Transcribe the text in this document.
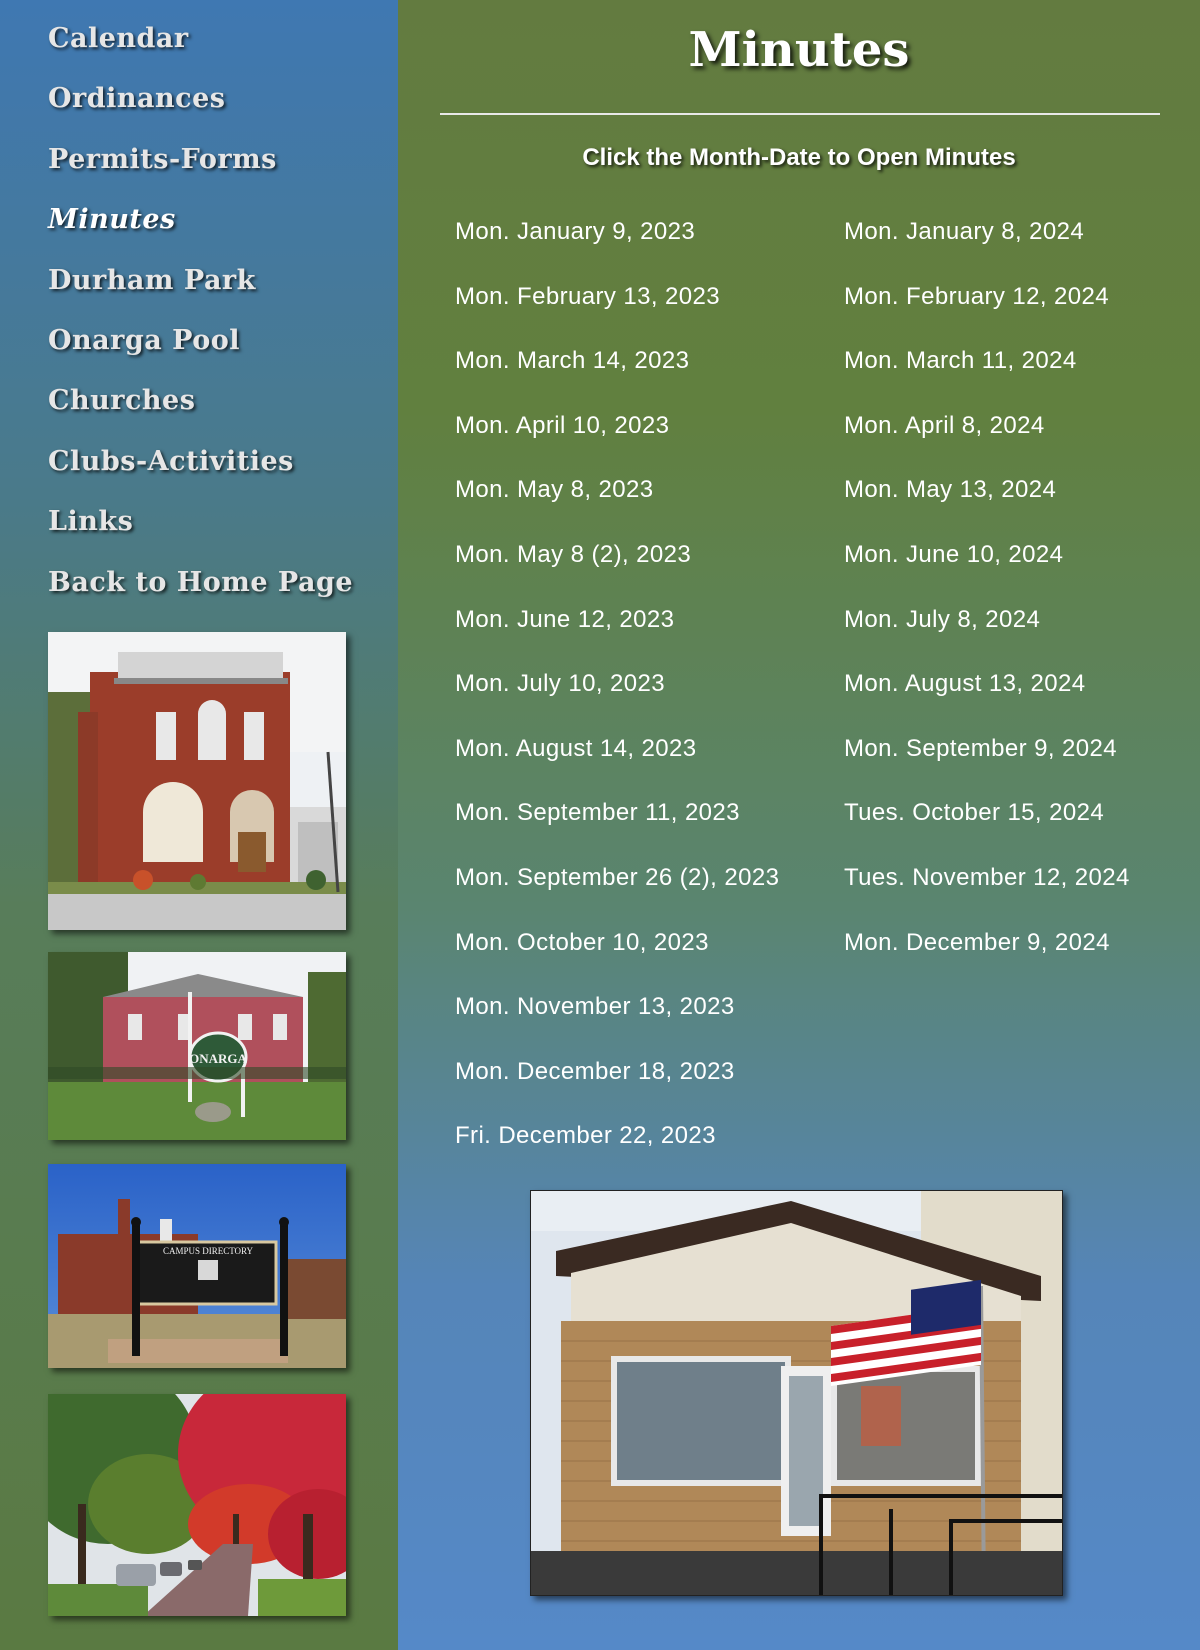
Calendar
Ordinances
Permits-Forms
Minutes
Durham Park
Onarga Pool
Churches
Clubs-Activities
Links
Back to Home Page
ONARGA
CAMPUS DIRECTORY
Minutes
Click the Month-Date to Open Minutes
Mon. January 9, 2023
Mon. February 13, 2023
Mon. March 14, 2023
Mon. April 10, 2023
Mon. May 8, 2023
Mon. May 8 (2), 2023
Mon. June 12, 2023
Mon. July 10, 2023
Mon. August 14, 2023
Mon. September 11, 2023
Mon. September 26 (2), 2023
Mon. October 10, 2023
Mon. November 13, 2023
Mon. December 18, 2023
Fri. December 22, 2023
Mon. January 8, 2024
Mon. February 12, 2024
Mon. March 11, 2024
Mon. April 8, 2024
Mon. May 13, 2024
Mon. June 10, 2024
Mon. July 8, 2024
Mon. August 13, 2024
Mon. September 9, 2024
Tues. October 15, 2024
Tues. November 12, 2024
Mon. December 9, 2024
